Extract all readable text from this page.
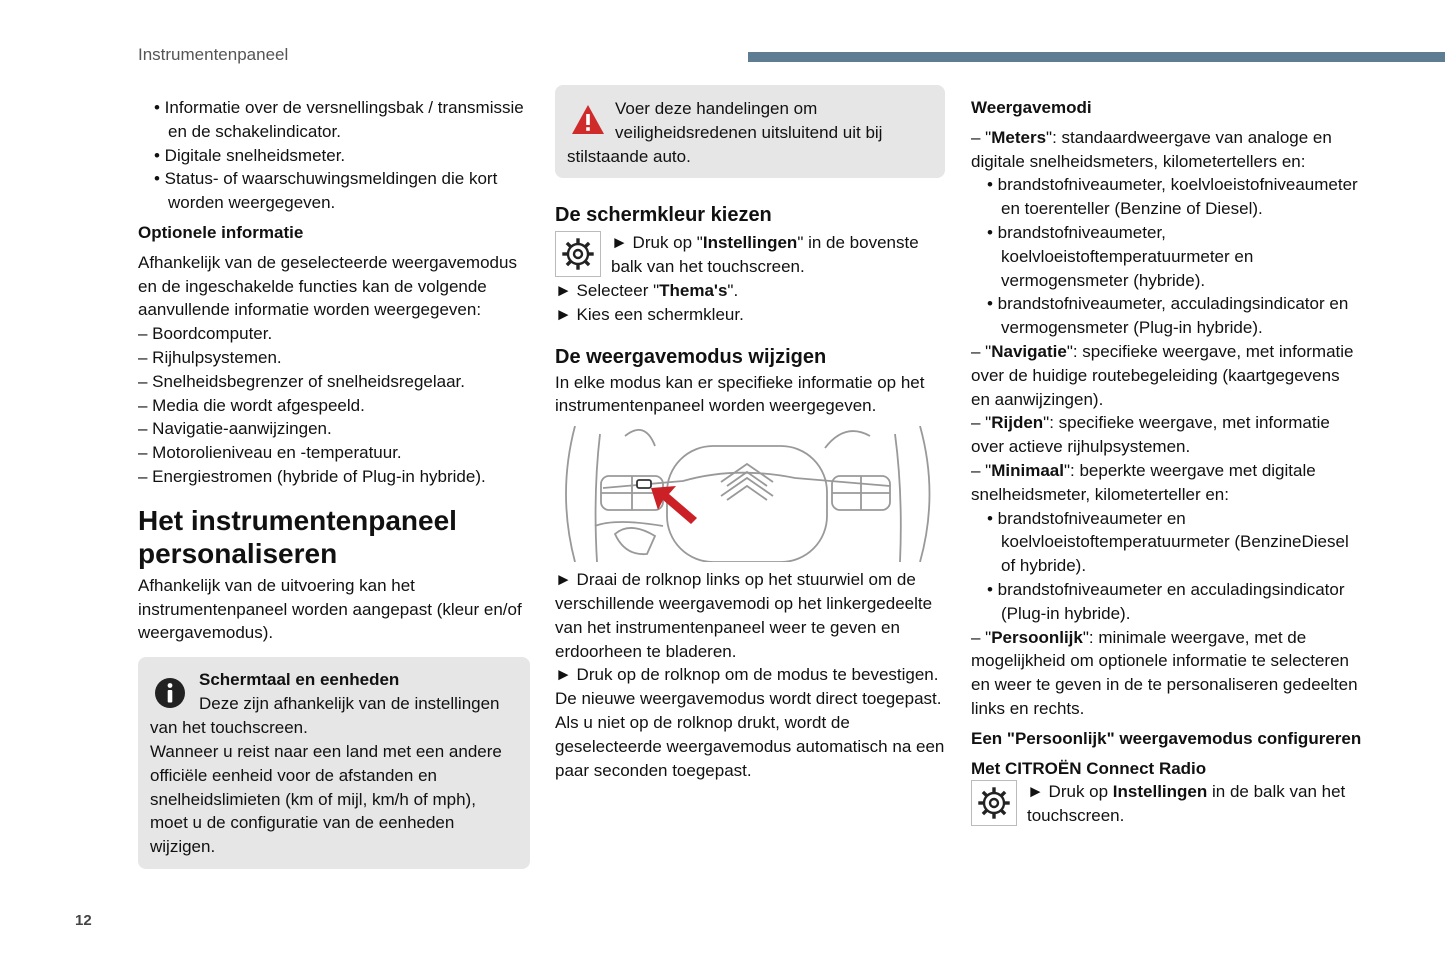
Instrumentenpaneel
12
• Informatie over de versnellingsbak / transmissie en de schakelindicator.
• Digitale snelheidsmeter.
• Status- of waarschuwingsmeldingen die kort worden weergegeven.
Optionele informatie

Afhankelijk van de geselecteerde weergavemodus en de ingeschakelde functies kan de volgende aanvullende informatie worden weergegeven:

– Boordcomputer.
– Rijhulpsystemen.
– Snelheidsbegrenzer of snelheidsregelaar.
– Media die wordt afgespeeld.
– Navigatie-aanwijzingen.
– Motorolieniveau en -temperatuur.
– Energiestromen (hybride of Plug-in hybride).
Het instrumentenpaneel personaliseren

Afhankelijk van de uitvoering kan het instrumentenpaneel worden aangepast (kleur en/of weergavemodus).

Schermtaal en eenheden

Deze zijn afhankelijk van de instellingen

van het touchscreen.

Wanneer u reist naar een land met een andere officiële eenheid voor de afstanden en snelheidslimieten (km of mijl, km/h of mph), moet u de configuratie van de eenheden wijzigen.

Voer deze handelingen om

veiligheidsredenen uitsluitend uit bij

stilstaande auto.

De schermkleur kiezen

► Druk op "Instellingen" in de bovenste

balk van het touchscreen.

► Selecteer "Thema's".

► Kies een schermkleur.

De weergavemodus wijzigen

In elke modus kan er specifieke informatie op het instrumentenpaneel worden weergegeven.

► Draai de rolknop links op het stuurwiel om de verschillende weergavemodi op het linkergedeelte van het instrumentenpaneel weer te geven en erdoorheen te bladeren.

► Druk op de rolknop om de modus te bevestigen.

De nieuwe weergavemodus wordt direct toegepast.

Als u niet op de rolknop drukt, wordt de geselecteerde weergavemodus automatisch na een paar seconden toegepast.

Weergavemodi

– "Meters": standaardweergave van analoge en digitale snelheidsmeters, kilometertellers en:

• brandstofniveaumeter, koelvloeistofniveaumeter en toerenteller (Benzine of Diesel).
• brandstofniveaumeter, koelvloeistoftemperatuurmeter en vermogensmeter (hybride).
• brandstofniveaumeter, acculadingsindicator en vermogensmeter (Plug-in hybride).

– "Navigatie": specifieke weergave, met informatie over de huidige routebegeleiding (kaartgegevens en aanwijzingen).

– "Rijden": specifieke weergave, met informatie over actieve rijhulpsystemen.

– "Minimaal": beperkte weergave met digitale snelheidsmeter, kilometerteller en:

• brandstofniveaumeter en koelvloeistoftemperatuurmeter (BenzineDiesel of hybride).
• brandstofniveaumeter en acculadingsindicator (Plug-in hybride).

– "Persoonlijk": minimale weergave, met de mogelijkheid om optionele informatie te selecteren en weer te geven in de te personaliseren gedeelten links en rechts.

Een "Persoonlijk" weergavemodus configureren
Met CITROËN Connect Radio

► Druk op Instellingen in de balk van het

touchscreen.
